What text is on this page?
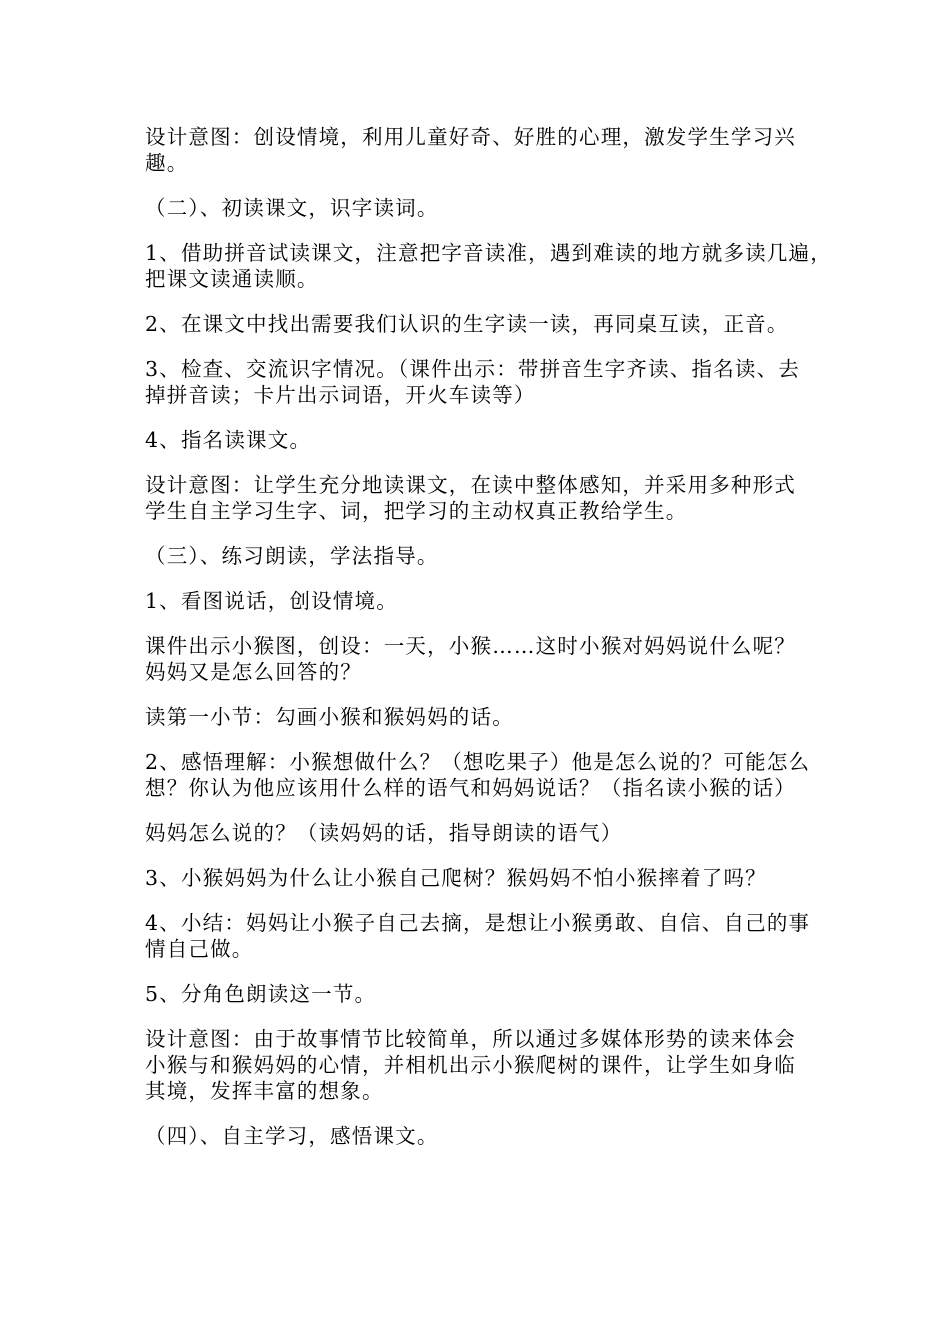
设计意图：创设情境，利用儿童好奇、好胜的心理，激发学生学习兴
趣。
（二）、初读课文，识字读词。
1、借助拼音试读课文，注意把字音读准，遇到难读的地方就多读几遍，
把课文读通读顺。
2、在课文中找出需要我们认识的生字读一读，再同桌互读，正音。
3、检查、交流识字情况。（课件出示：带拼音生字齐读、指名读、去
掉拼音读；卡片出示词语，开火车读等）
4、指名读课文。
设计意图：让学生充分地读课文，在读中整体感知，并采用多种形式
学生自主学习生字、词，把学习的主动权真正教给学生。
（三）、练习朗读，学法指导。
1、看图说话，创设情境。
课件出示小猴图，创设：一天，小猴……这时小猴对妈妈说什么呢？
妈妈又是怎么回答的？
读第一小节：勾画小猴和猴妈妈的话。
2、感悟理解：小猴想做什么？（想吃果子）他是怎么说的？可能怎么
想？你认为他应该用什么样的语气和妈妈说话？（指名读小猴的话）
妈妈怎么说的？（读妈妈的话，指导朗读的语气）
3、小猴妈妈为什么让小猴自己爬树？猴妈妈不怕小猴摔着了吗？
4、小结：妈妈让小猴子自己去摘，是想让小猴勇敢、自信、自己的事
情自己做。
5、分角色朗读这一节。
设计意图：由于故事情节比较简单，所以通过多媒体形势的读来体会
小猴与和猴妈妈的心情，并相机出示小猴爬树的课件，让学生如身临
其境，发挥丰富的想象。
（四）、自主学习，感悟课文。
